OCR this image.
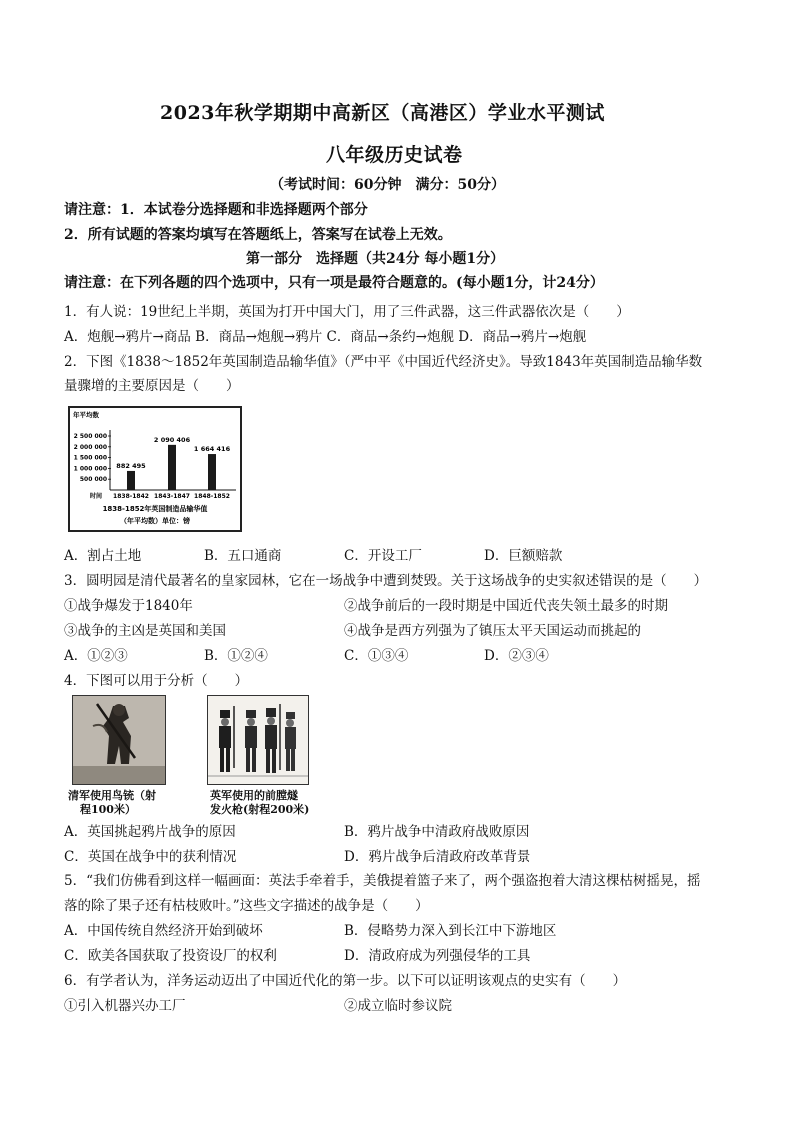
2023年秋学期期中高新区（高港区）学业水平测试
八年级历史试卷
（考试时间：60分钟　满分：50分）
请注意：1．本试卷分选择题和非选择题两个部分
2．所有试题的答案均填写在答题纸上，答案写在试卷上无效。
第一部分　选择题（共24分 每小题1分）
请注意：在下列各题的四个选项中，只有一项是最符合题意的。(每小题1分，计24分）
1．有人说：19世纪上半期，英国为打开中国大门，用了三件武器，这三件武器依次是（　　）
A．炮舰→鸦片→商品 B．商品→炮舰→鸦片 C．商品→条约→炮舰 D．商品→鸦片→炮舰
2．下图《1838～1852年英国制造品输华值》（严中平《中国近代经济史》。导致1843年英国制造品输华数
量骤增的主要原因是（　　）
年平均数
2 500 000
2 000 000
1 500 000
1 000 000
500 000
882 495
1838-1842
2 090 406
1843-1847
1 664 416
1848-1852
时间
1838-1852年英国制造品输华值
（年平均数）单位：镑
A．割占土地	B．五口通商	C．开设工厂	D．巨额赔款
3．圆明园是清代最著名的皇家园林，它在一场战争中遭到焚毁。关于这场战争的史实叙述错误的是（　　）
①战争爆发于1840年	②战争前后的一段时期是中国近代丧失领土最多的时期
③战争的主凶是英国和美国	④战争是西方列强为了镇压太平天国运动而挑起的
A．①②③	B．①②④	C．①③④	D．②③④
4．下图可以用于分析（　　）
清军使用鸟铳（射
程100米）
英军使用的前膛燧
发火枪(射程200米)
A．英国挑起鸦片战争的原因	B．鸦片战争中清政府战败原因
C．英国在战争中的获利情况	D．鸦片战争后清政府改革背景
5．“我们仿佛看到这样一幅画面：英法手牵着手，美俄提着篮子来了，两个强盗抱着大清这棵枯树摇晃，摇
落的除了果子还有枯枝败叶。”这些文字描述的战争是（　　）
A．中国传统自然经济开始到破坏	B．侵略势力深入到长江中下游地区
C．欧美各国获取了投资设厂的权利	D．清政府成为列强侵华的工具
6．有学者认为，洋务运动迈出了中国近代化的第一步。以下可以证明该观点的史实有（　　）
①引入机器兴办工厂	②成立临时参议院
